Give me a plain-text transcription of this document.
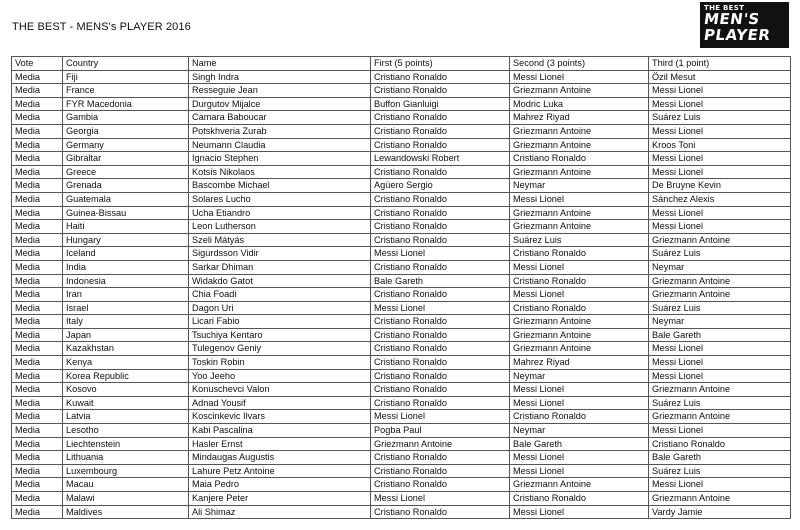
THE BEST - MENS's PLAYER 2016
THE BEST
MEN'S
PLAYER
Vote	Country	Name	First (5 points)	Second (3 points)	Third (1 point)
Media	Fiji	Singh Indra	Cristiano Ronaldo	Messi Lionel	Özil Mesut
Media	France	Resseguie Jean	Cristiano Ronaldo	Griezmann Antoine	Messi Lionel
Media	FYR Macedonia	Durgutov Mijalce	Buffon Gianluigi	Modric Luka	Messi Lionel
Media	Gambia	Camara Baboucar	Cristiano Ronaldo	Mahrez Riyad	Suárez Luis
Media	Georgia	Potskhveria Zurab	Cristiano Ronaldo	Griezmann Antoine	Messi Lionel
Media	Germany	Neumann Claudia	Cristiano Ronaldo	Griezmann Antoine	Kroos Toni
Media	Gibraltar	Ignacio Stephen	Lewandowski Robert	Cristiano Ronaldo	Messi Lionel
Media	Greece	Kotsis Nikolaos	Cristiano Ronaldo	Griezmann Antoine	Messi Lionel
Media	Grenada	Bascombe Michael	Agüero Sergio	Neymar	De Bruyne Kevin
Media	Guatemala	Solares Lucho	Cristiano Ronaldo	Messi Lionel	Sánchez Alexis
Media	Guinea-Bissau	Ucha Etiandro	Cristiano Ronaldo	Griezmann Antoine	Messi Lionel
Media	Haiti	Leon Lutherson	Cristiano Ronaldo	Griezmann Antoine	Messi Lionel
Media	Hungary	Szeli Mátyás	Cristiano Ronaldo	Suárez Luis	Griezmann Antoine
Media	Iceland	Sigurdsson Vidir	Messi Lionel	Cristiano Ronaldo	Suárez Luis
Media	India	Sarkar Dhiman	Cristiano Ronaldo	Messi Lionel	Neymar
Media	Indonesia	Widakdo Gatot	Bale Gareth	Cristiano Ronaldo	Griezmann Antoine
Media	Iran	Chia Foadi	Cristiano Ronaldo	Messi Lionel	Griezmann Antoine
Media	Israel	Dagon Uri	Messi Lionel	Cristiano Ronaldo	Suárez Luis
Media	Italy	Licari Fabio	Cristiano Ronaldo	Griezmann Antoine	Neymar
Media	Japan	Tsuchiya Kentaro	Cristiano Ronaldo	Griezmann Antoine	Bale Gareth
Media	Kazakhstan	Tulegenov Geniy	Cristiano Ronaldo	Griezmann Antoine	Messi Lionel
Media	Kenya	Toskin Robin	Cristiano Ronaldo	Mahrez Riyad	Messi Lionel
Media	Korea Republic	Yoo Jeeho	Cristiano Ronaldo	Neymar	Messi Lionel
Media	Kosovo	Konuschevci Valon	Cristiano Ronaldo	Messi Lionel	Griezmann Antoine
Media	Kuwait	Adnad Yousif	Cristiano Ronaldo	Messi Lionel	Suárez Luis
Media	Latvia	Koscinkevic Ilvars	Messi Lionel	Cristiano Ronaldo	Griezmann Antoine
Media	Lesotho	Kabi Pascalina	Pogba Paul	Neymar	Messi Lionel
Media	Liechtenstein	Hasler Ernst	Griezmann Antoine	Bale Gareth	Cristiano Ronaldo
Media	Lithuania	Mindaugas Augustis	Cristiano Ronaldo	Messi Lionel	Bale Gareth
Media	Luxembourg	Lahure Petz Antoine	Cristiano Ronaldo	Messi Lionel	Suárez Luis
Media	Macau	Maia Pedro	Cristiano Ronaldo	Griezmann Antoine	Messi Lionel
Media	Malawi	Kanjere Peter	Messi Lionel	Cristiano Ronaldo	Griezmann Antoine
Media	Maldives	Ali Shimaz	Cristiano Ronaldo	Messi Lionel	Vardy Jamie
